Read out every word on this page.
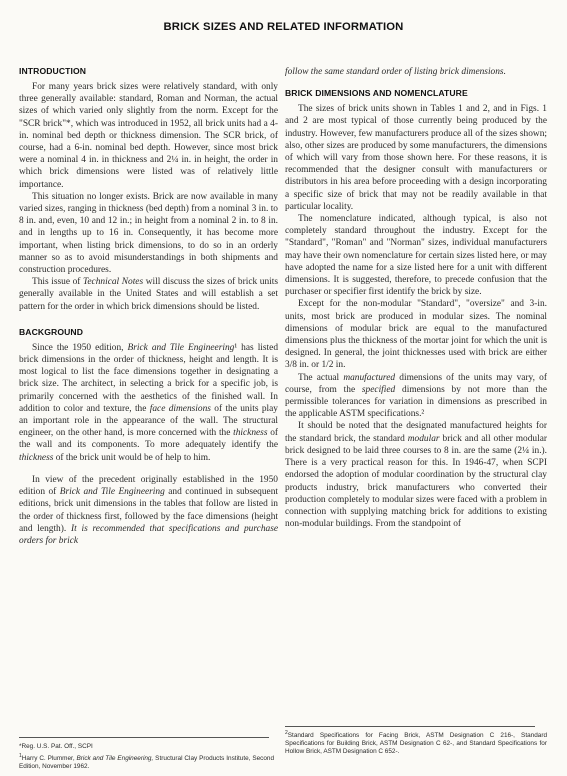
BRICK SIZES AND RELATED INFORMATION
INTRODUCTION

For many years brick sizes were relatively standard, with only three generally available: standard, Roman and Norman, the actual sizes of which varied only slightly from the norm. Except for the "SCR brick"*, which was introduced in 1952, all brick units had a 4-in. nominal bed depth or thickness dimension. The SCR brick, of course, had a 6-in. nominal bed depth. However, since most brick were a nominal 4 in. in thickness and 2¼ in. in height, the order in which brick dimensions were listed was of relatively little importance.

This situation no longer exists. Brick are now available in many varied sizes, ranging in thickness (bed depth) from a nominal 3 in. to 8 in. and, even, 10 and 12 in.; in height from a nominal 2 in. to 8 in. and in lengths up to 16 in. Consequently, it has become more important, when listing brick dimensions, to do so in an orderly manner so as to avoid misunderstandings in both shipments and construction procedures.

This issue of Technical Notes will discuss the sizes of brick units generally available in the United States and will establish a set pattern for the order in which brick dimensions should be listed.

BACKGROUND

Since the 1950 edition, Brick and Tile Engineering¹ has listed brick dimensions in the order of thickness, height and length. It is most logical to list the face dimensions together in designating a brick size. The architect, in selecting a brick for a specific job, is primarily concerned with the aesthetics of the finished wall. In addition to color and texture, the face dimensions of the units play an important role in the appearance of the wall. The structural engineer, on the other hand, is more concerned with the thickness of the wall and its components. To more adequately identify the thickness of the brick unit would be of help to him.

In view of the precedent originally established in the 1950 edition of Brick and Tile Engineering and continued in subsequent editions, brick unit dimensions in the tables that follow are listed in the order of thickness first, followed by the face dimensions (height and length). It is recommended that specifications and purchase orders for brick

follow the same standard order of listing brick dimensions.

BRICK DIMENSIONS AND NOMENCLATURE

The sizes of brick units shown in Tables 1 and 2, and in Figs. 1 and 2 are most typical of those currently being produced by the industry. However, few manufacturers produce all of the sizes shown; also, other sizes are produced by some manufacturers, the dimensions of which will vary from those shown here. For these reasons, it is recommended that the designer consult with manufacturers or distributors in his area before proceeding with a design incorporating a specific size of brick that may not be readily available in that particular locality.

The nomenclature indicated, although typical, is also not completely standard throughout the industry. Except for the "Standard", "Roman" and "Norman" sizes, individual manufacturers may have their own nomenclature for certain sizes listed here, or may have adopted the name for a size listed here for a unit with different dimensions. It is suggested, therefore, to precede confusion that the purchaser or specifier first identify the brick by size.

Except for the non-modular "Standard", "oversize" and 3-in. units, most brick are produced in modular sizes. The nominal dimensions of modular brick are equal to the manufactured dimensions plus the thickness of the mortar joint for which the unit is designed. In general, the joint thicknesses used with brick are either 3/8 in. or 1/2 in.

The actual manufactured dimensions of the units may vary, of course, from the specified dimensions by not more than the permissible tolerances for variation in dimensions as prescribed in the applicable ASTM specifications.²

It should be noted that the designated manufactured heights for the standard brick, the standard modular brick and all other modular brick designed to be laid three courses to 8 in. are the same (2¼ in.). There is a very practical reason for this. In 1946-47, when SCPI endorsed the adoption of modular coordination by the structural clay products industry, brick manufacturers who converted their production completely to modular sizes were faced with a problem in connection with supplying matching brick for additions to existing non-modular buildings. From the standpoint of

*Reg. U.S. Pat. Off., SCPI

$^1$Harry C. Plummer, Brick and Tile Engineering, Structural Clay Products Institute, Second Edition, November 1962.

$^2$Standard Specifications for Facing Brick, ASTM Designation C 216-, Standard Specifications for Building Brick, ASTM Designation C 62-, and Standard Specifications for Hollow Brick, ASTM Designation C 652-.
